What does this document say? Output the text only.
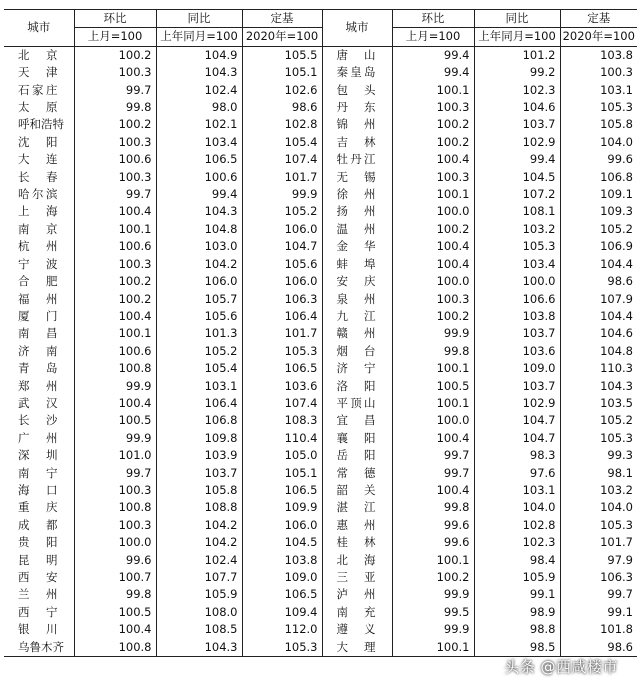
城市	环比	同比	定基	城市	环比	同比	定基
	上月=100	上年同月=100	2020年=100		上月=100	上年同月=100	2020年=100
北　京	100.2	104.9	105.5	唐　山	99.4	101.2	103.8
天　津	100.3	104.3	105.1	秦皇岛	99.4	99.2	100.3
石家庄	99.7	102.4	102.6	包　头	100.1	102.3	103.1
太　原	99.8	98.0	98.6	丹　东	100.3	104.6	105.3
呼和浩特	100.2	102.1	102.8	锦　州	100.2	103.7	105.8
沈　阳	100.3	103.4	105.4	吉　林	100.2	102.9	104.0
大　连	100.6	106.5	107.4	牡丹江	100.4	99.4	99.6
长　春	100.3	100.6	101.7	无　锡	100.3	104.5	106.8
哈尔滨	99.7	99.4	99.9	徐　州	100.1	107.2	109.1
上　海	100.4	104.3	105.2	扬　州	100.0	108.1	109.3
南　京	100.1	104.8	106.0	温　州	100.2	103.2	105.2
杭　州	100.6	103.0	104.7	金　华	100.4	105.3	106.9
宁　波	100.3	104.2	105.6	蚌　埠	100.4	103.4	104.4
合　肥	100.2	106.0	106.0	安　庆	100.0	100.0	98.6
福　州	100.2	105.7	106.3	泉　州	100.3	106.6	107.9
厦　门	100.4	105.6	106.4	九　江	100.2	103.8	104.4
南　昌	100.1	101.3	101.7	赣　州	99.9	103.7	104.6
济　南	100.6	105.2	105.3	烟　台	99.8	103.6	104.8
青　岛	100.8	105.4	106.5	济　宁	100.1	109.0	110.3
郑　州	99.9	103.1	103.6	洛　阳	100.5	103.7	104.3
武　汉	100.4	106.4	107.4	平顶山	100.1	102.9	103.5
长　沙	100.5	106.8	108.3	宜　昌	100.0	104.7	105.2
广　州	99.9	109.8	110.4	襄　阳	100.4	104.7	105.3
深　圳	101.0	103.9	105.0	岳　阳	99.7	98.3	99.3
南　宁	99.7	103.7	105.1	常　德	99.7	97.6	98.1
海　口	100.3	105.8	106.5	韶　关	100.4	103.1	103.2
重　庆	100.8	108.8	109.9	湛　江	99.8	104.0	104.0
成　都	100.3	104.2	106.0	惠　州	99.6	102.8	105.3
贵　阳	100.0	104.2	104.5	桂　林	99.6	102.3	101.7
昆　明	99.6	102.4	103.8	北　海	100.1	98.4	97.9
西　安	100.7	107.7	109.0	三　亚	100.2	105.9	106.3
兰　州	99.8	105.9	106.5	泸　州	99.9	99.1	99.7
西　宁	100.5	108.0	109.4	南　充	99.5	98.9	99.1
银　川	100.4	108.5	112.0	遵　义	99.9	98.8	101.8
乌鲁木齐	100.8	104.3	105.3	大　理	100.1	98.5	98.6
头条 @西咸楼市
